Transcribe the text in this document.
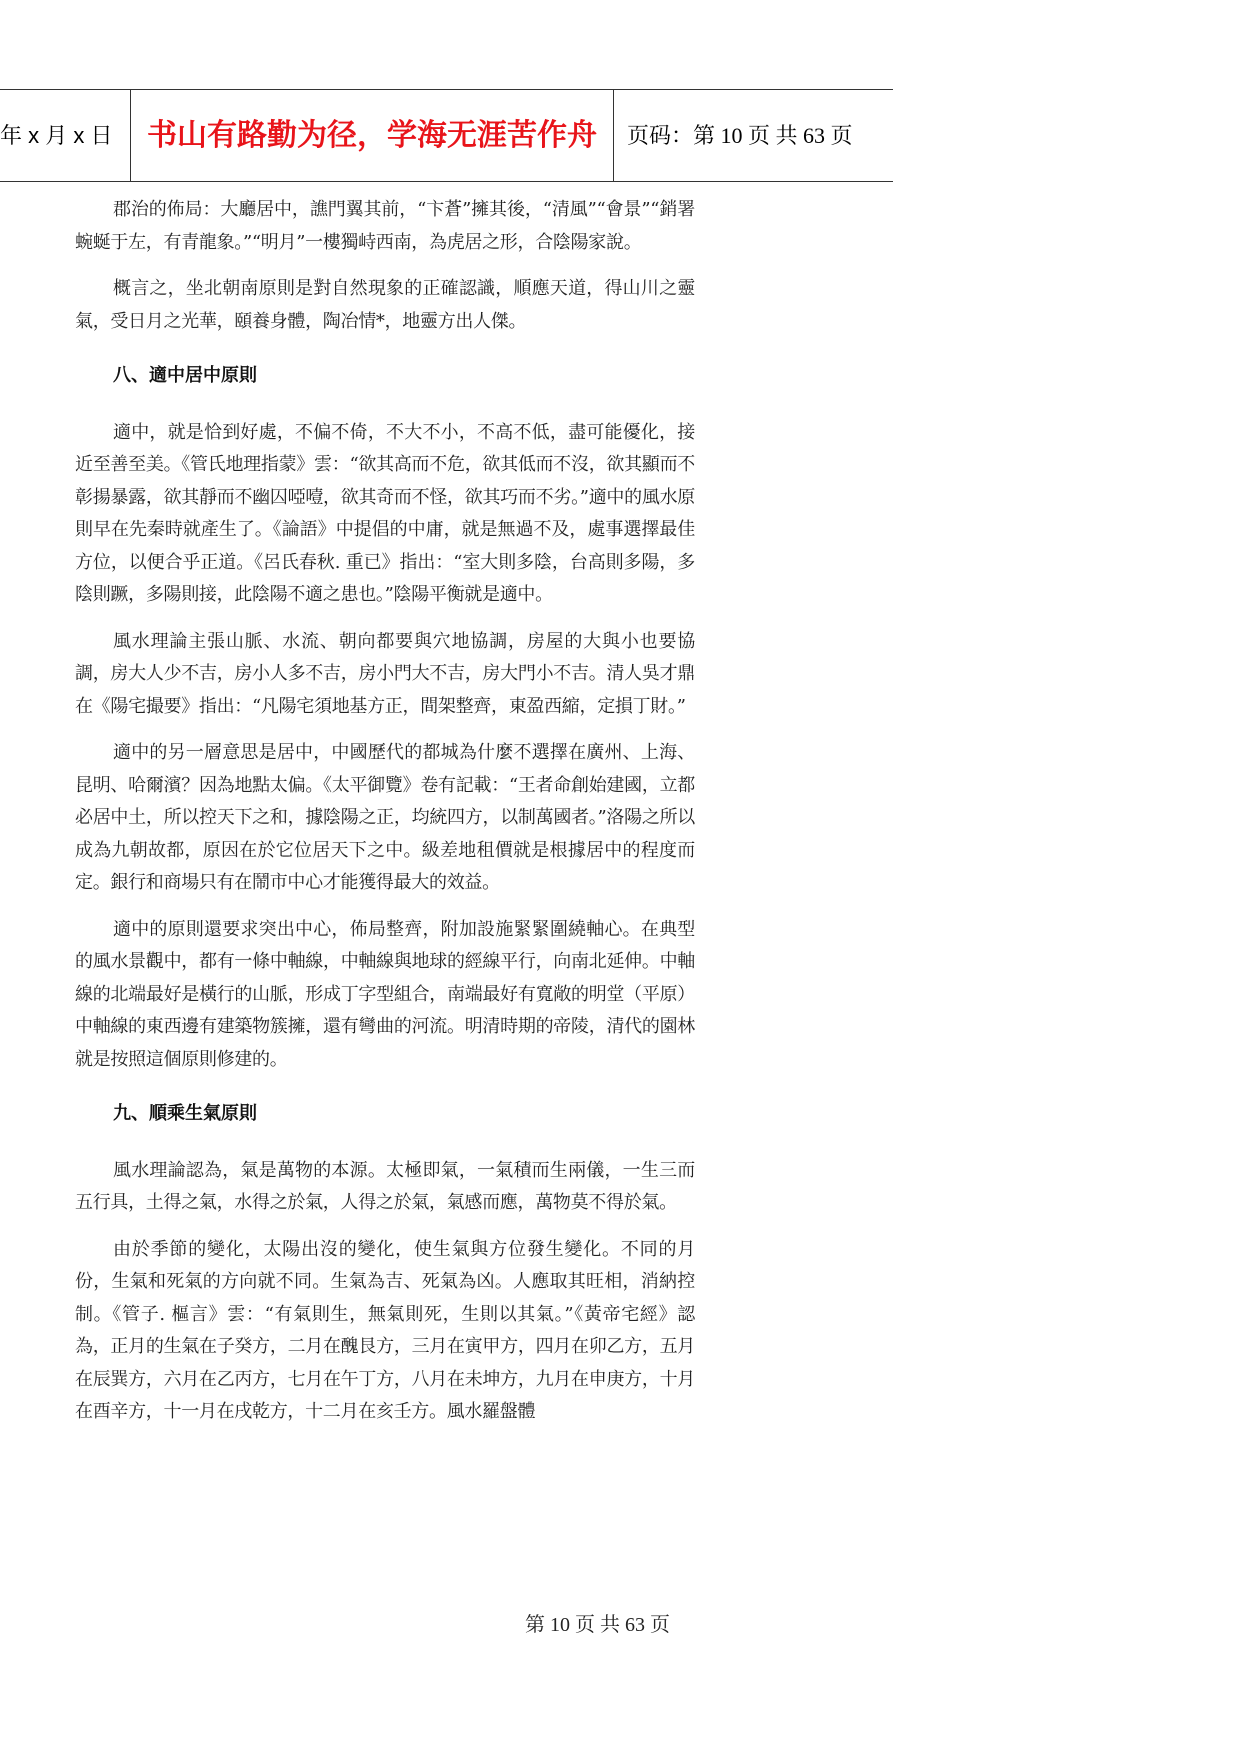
年 x 月 x 日	书山有路勤为径，学海无涯苦作舟	页码：第 10 页 共 63 页

郡治的佈局：大廳居中，譙門翼其前，“卞蒼”擁其後，“清風”“會景”“銷署蜿蜒于左，有青龍象。”“明月”一樓獨峙西南，為虎居之形，合陰陽家說。

概言之，坐北朝南原則是對自然現象的正確認識，順應天道，得山川之靈氣，受日月之光華，頤養身體，陶冶情*，地靈方出人傑。

八、適中居中原則

適中，就是恰到好處，不偏不倚，不大不小，不高不低，盡可能優化，接近至善至美。《管氏地理指蒙》雲：“欲其高而不危，欲其低而不沒，欲其顯而不彰揚暴露，欲其靜而不幽囚啞噎，欲其奇而不怪，欲其巧而不劣。”適中的風水原則早在先秦時就產生了。《論語》中提倡的中庸，就是無過不及，處事選擇最佳方位，以便合乎正道。《呂氏春秋. 重已》指出：“室大則多陰，台高則多陽，多陰則蹶，多陽則接，此陰陽不適之患也。”陰陽平衡就是適中。

風水理論主張山脈、水流、朝向都要與穴地協調，房屋的大與小也要協調，房大人少不吉，房小人多不吉，房小門大不吉，房大門小不吉。清人吳才鼎在《陽宅撮要》指出：“凡陽宅須地基方正，間架整齊，東盈西縮，定損丁財。”

適中的另一層意思是居中，中國歷代的都城為什麼不選擇在廣州、上海、昆明、哈爾濱？因為地點太偏。《太平御覽》卷有記載：“王者命創始建國，立都必居中土，所以控天下之和，據陰陽之正，均統四方，以制萬國者。”洛陽之所以成為九朝故都，原因在於它位居天下之中。級差地租價就是根據居中的程度而定。銀行和商場只有在鬧市中心才能獲得最大的效益。

適中的原則還要求突出中心，佈局整齊，附加設施緊緊圍繞軸心。在典型的風水景觀中，都有一條中軸線，中軸線與地球的經線平行，向南北延伸。中軸線的北端最好是橫行的山脈，形成丁字型組合，南端最好有寬敞的明堂（平原）中軸線的東西邊有建築物簇擁，還有彎曲的河流。明清時期的帝陵，清代的園林就是按照這個原則修建的。

九、順乘生氣原則

風水理論認為，氣是萬物的本源。太極即氣，一氣積而生兩儀，一生三而五行具，土得之氣，水得之於氣，人得之於氣，氣感而應，萬物莫不得於氣。

由於季節的變化，太陽出沒的變化，使生氣與方位發生變化。不同的月份，生氣和死氣的方向就不同。生氣為吉、死氣為凶。人應取其旺相，消納控制。《管子. 樞言》雲：“有氣則生，無氣則死，生則以其氣。”《黃帝宅經》認為，正月的生氣在子癸方，二月在醜艮方，三月在寅甲方，四月在卯乙方，五月在辰巽方，六月在乙丙方，七月在午丁方，八月在未坤方，九月在申庚方，十月在酉辛方，十一月在戌乾方，十二月在亥壬方。風水羅盤體

第 10 页 共 63 页
